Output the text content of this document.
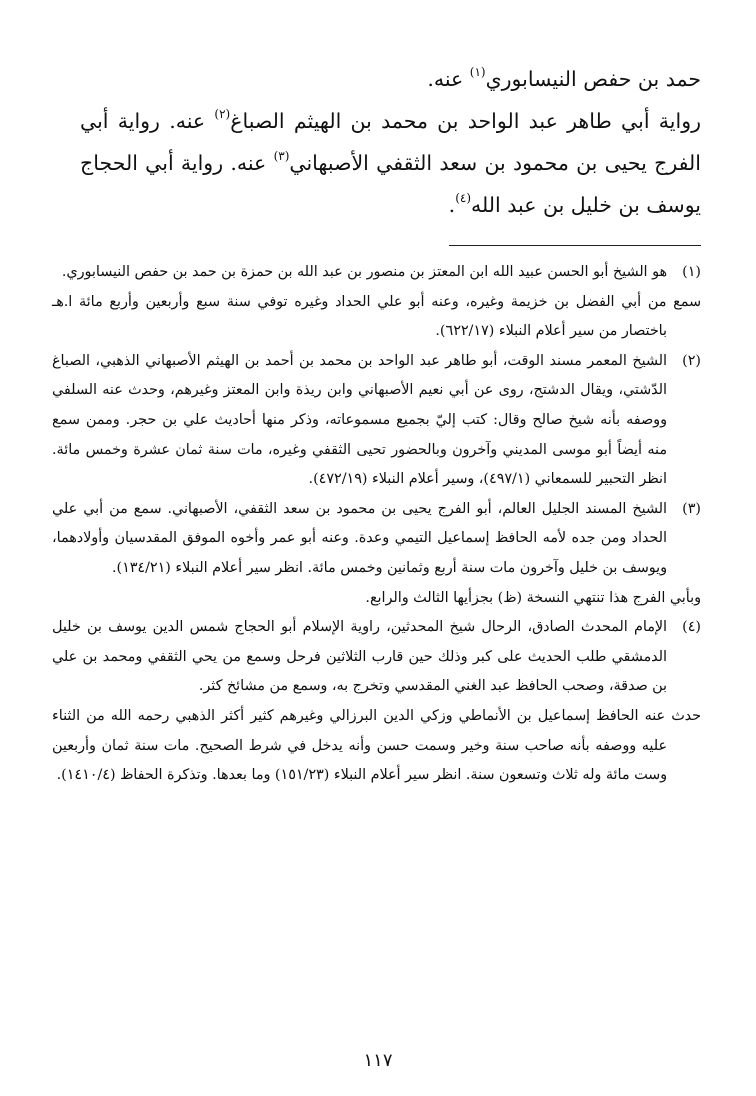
حمد بن حفص النيسابوري$^{(١)}$ عنه.

رواية أبي طاهر عبد الواحد بن محمد بن الهيثم الصباغ$^{(٢)}$ عنه. رواية أبي الفرج يحيى بن محمود بن سعد الثقفي الأصبهاني$^{(٣)}$ عنه. رواية أبي الحجاج يوسف بن خليل بن عبد الله$^{(٤)}$.

(١)

هو الشيخ أبو الحسن عبيد الله ابن المعتز بن منصور بن عبد الله بن حمزة بن حمد بن حفص النيسابوري.

سمع من أبي الفضل بن خزيمة وغيره، وعنه أبو علي الحداد وغيره توفي سنة سبع وأربعين وأربع مائة ا.هـ باختصار من سير أعلام النبلاء (٦٢٢/١٧).

(٢)

الشيخ المعمر مسند الوقت، أبو طاهر عبد الواحد بن محمد بن أحمد بن الهيثم الأصبهاني الذهبي، الصباغ الدّشتي، ويقال الدشتج، روى عن أبي نعيم الأصبهاني وابن ريذة وابن المعتز وغيرهم، وحدث عنه السلفي ووصفه بأنه شيخ صالح وقال: كتب إليّ بجميع مسموعاته، وذكر منها أحاديث علي بن حجر. وممن سمع منه أيضاً أبو موسى المديني وآخرون وبالحضور تحيى الثقفي وغيره، مات سنة ثمان عشرة وخمس مائة. انظر التحبير للسمعاني (٤٩٧/١)، وسير أعلام النبلاء (٤٧٢/١٩).

(٣)

الشيخ المسند الجليل العالم، أبو الفرج يحيى بن محمود بن سعد الثقفي، الأصبهاني. سمع من أبي علي الحداد ومن جده لأمه الحافظ إسماعيل التيمي وعدة. وعنه أبو عمر وأخوه الموفق المقدسيان وأولادهما، ويوسف بن خليل وآخرون مات سنة أربع وثمانين وخمس مائة. انظر سير أعلام النبلاء (١٣٤/٢١).

وبأبي الفرج هذا تنتهي النسخة (ظ) بجزأيها الثالث والرابع.

(٤)

الإمام المحدث الصادق، الرحال شيخ المحدثين، راوية الإسلام أبو الحجاج شمس الدين يوسف بن خليل الدمشقي طلب الحديث على كبر وذلك حين قارب الثلاثين فرحل وسمع من يحي الثقفي ومحمد بن علي بن صدقة، وصحب الحافظ عبد الغني المقدسي وتخرج به، وسمع من مشائخ كثر.

حدث عنه الحافظ إسماعيل بن الأنماطي وزكي الدين البرزالي وغيرهم كثير أكثر الذهبي رحمه الله من الثناء عليه ووصفه بأنه صاحب سنة وخير وسمت حسن وأنه يدخل في شرط الصحيح. مات سنة ثمان وأربعين وست مائة وله ثلاث وتسعون سنة. انظر سير أعلام النبلاء (١٥١/٢٣) وما بعدها. وتذكرة الحفاظ (١٤١٠/٤).

١١٧
